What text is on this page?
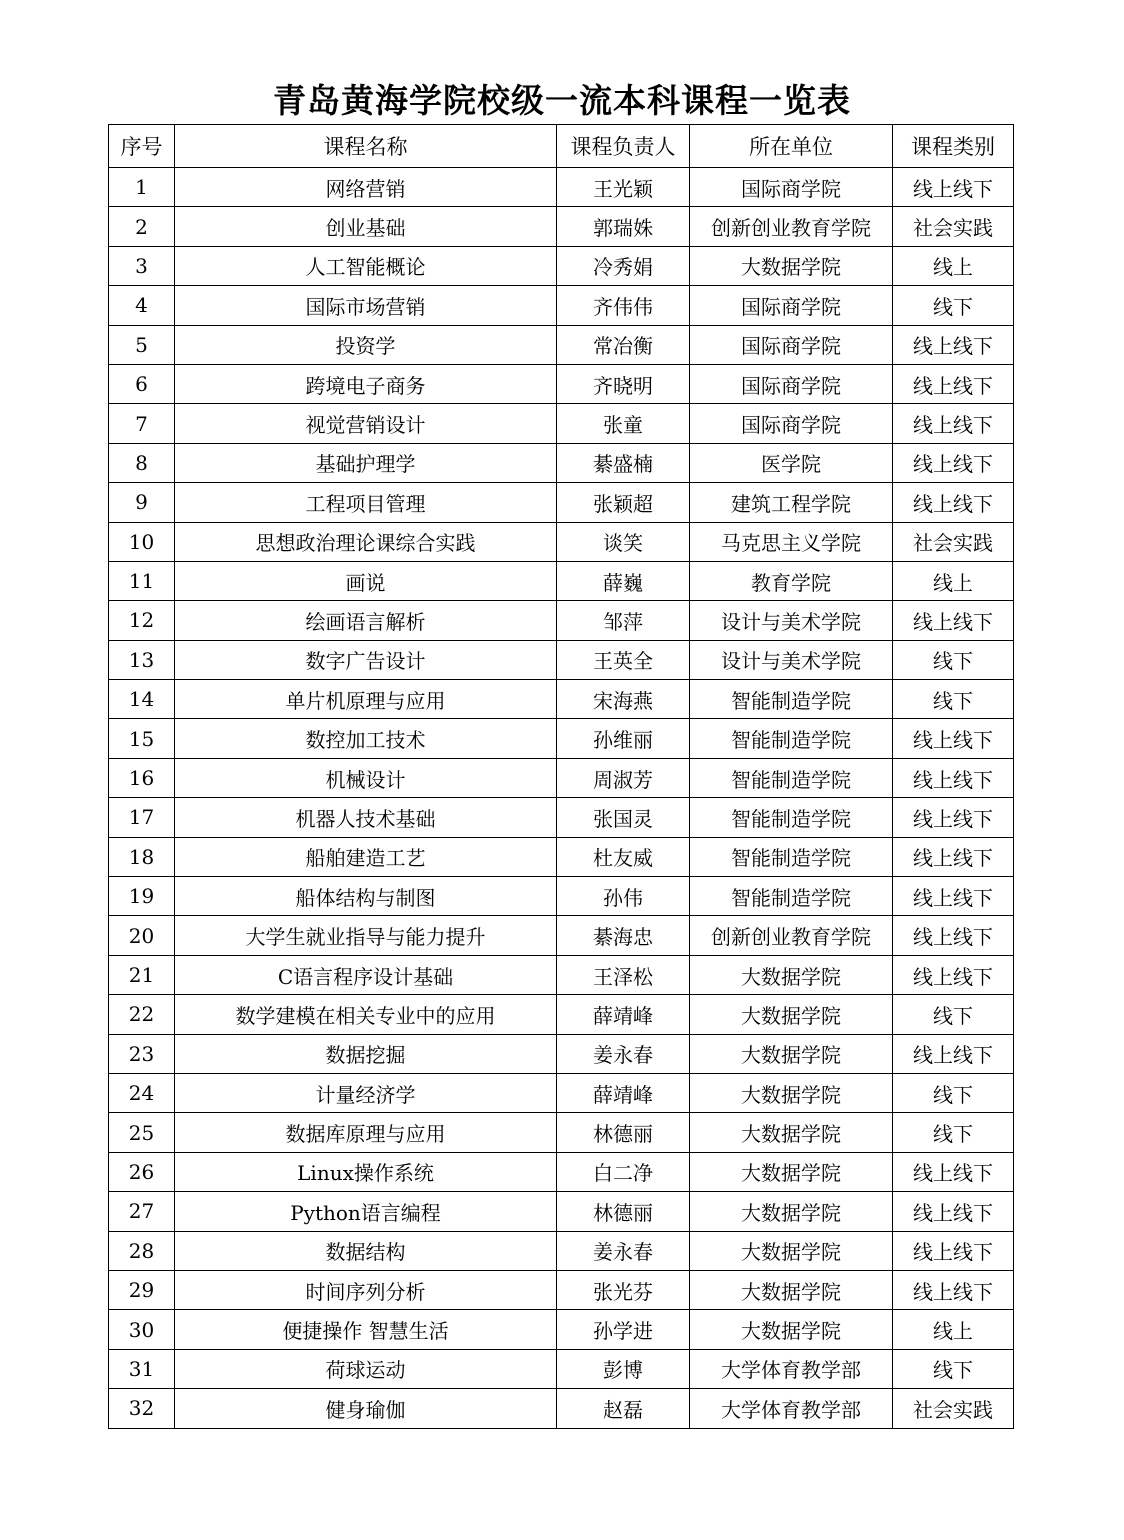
青岛黄海学院校级一流本科课程一览表
序号	课程名称	课程负责人	所在单位	课程类别
1	网络营销	王光颖	国际商学院	线上线下
2	创业基础	郭瑞姝	创新创业教育学院	社会实践
3	人工智能概论	冷秀娟	大数据学院	线上
4	国际市场营销	齐伟伟	国际商学院	线下
5	投资学	常冶衡	国际商学院	线上线下
6	跨境电子商务	齐晓明	国际商学院	线上线下
7	视觉营销设计	张童	国际商学院	线上线下
8	基础护理学	綦盛楠	医学院	线上线下
9	工程项目管理	张颖超	建筑工程学院	线上线下
10	思想政治理论课综合实践	谈笑	马克思主义学院	社会实践
11	画说	薛巍	教育学院	线上
12	绘画语言解析	邹萍	设计与美术学院	线上线下
13	数字广告设计	王英全	设计与美术学院	线下
14	单片机原理与应用	宋海燕	智能制造学院	线下
15	数控加工技术	孙维丽	智能制造学院	线上线下
16	机械设计	周淑芳	智能制造学院	线上线下
17	机器人技术基础	张国灵	智能制造学院	线上线下
18	船舶建造工艺	杜友威	智能制造学院	线上线下
19	船体结构与制图	孙伟	智能制造学院	线上线下
20	大学生就业指导与能力提升	綦海忠	创新创业教育学院	线上线下
21	C语言程序设计基础	王泽松	大数据学院	线上线下
22	数学建模在相关专业中的应用	薛靖峰	大数据学院	线下
23	数据挖掘	姜永春	大数据学院	线上线下
24	计量经济学	薛靖峰	大数据学院	线下
25	数据库原理与应用	林德丽	大数据学院	线下
26	Linux操作系统	白二净	大数据学院	线上线下
27	Python语言编程	林德丽	大数据学院	线上线下
28	数据结构	姜永春	大数据学院	线上线下
29	时间序列分析	张光芬	大数据学院	线上线下
30	便捷操作 智慧生活	孙学进	大数据学院	线上
31	荷球运动	彭博	大学体育教学部	线下
32	健身瑜伽	赵磊	大学体育教学部	社会实践
